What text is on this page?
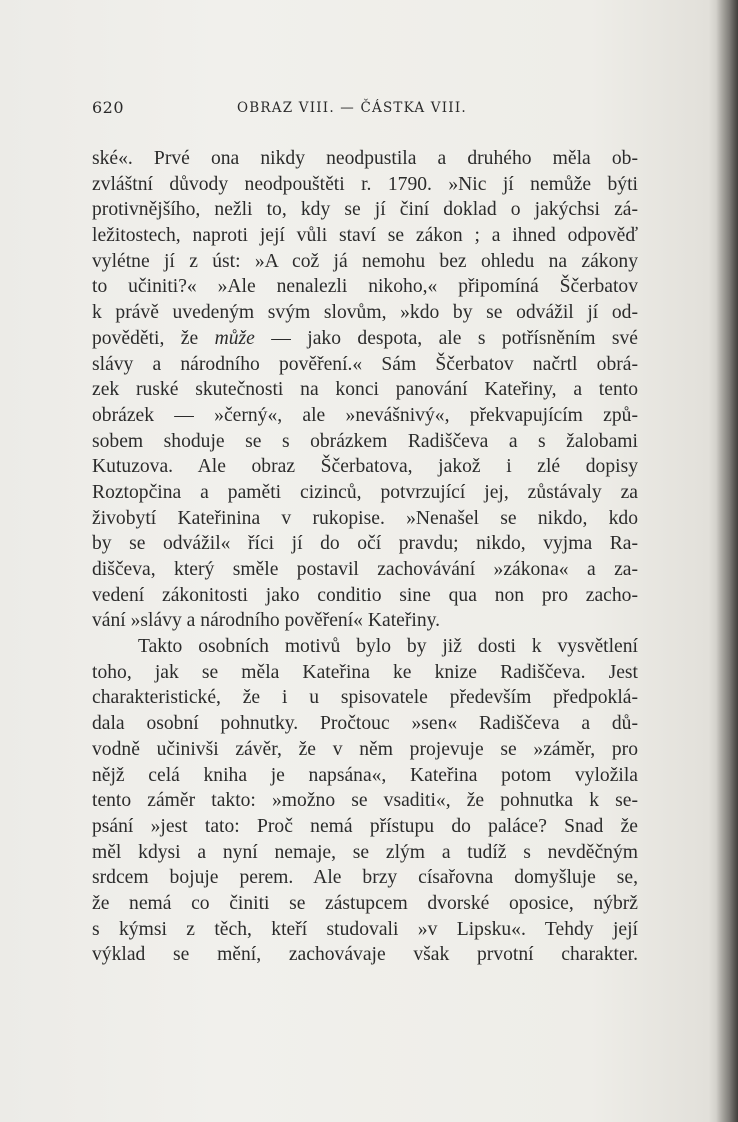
620	OBRAZ VIII. — ČÁSTKA VIII.
ské«. Prvé ona nikdy neodpustila a druhého měla ob-
zvláštní důvody neodpouštěti r. 1790. »Nic jí nemůže býti
protivnějšího, nežli to, kdy se jí činí doklad o jakýchsi zá-
ležitostech, naproti její vůli staví se zákon ; a ihned odpověď
vylétne jí z úst: »A což já nemohu bez ohledu na zákony
to učiniti?« »Ale nenalezli nikoho,« připomíná Ščerbatov
k právě uvedeným svým slovům, »kdo by se odvážil jí od-
pověděti, že může — jako despota, ale s potřísněním své
slávy a národního pověření.« Sám Ščerbatov načrtl obrá-
zek ruské skutečnosti na konci panování Kateřiny, a tento
obrázek — »černý«, ale »nevášnivý«, překvapujícím způ-
sobem shoduje se s obrázkem Radiščeva a s žalobami
Kutuzova. Ale obraz Ščerbatova, jakož i zlé dopisy
Roztopčina a paměti cizinců, potvrzující jej, zůstávaly za
živobytí Kateřinina v rukopise. »Nenašel se nikdo, kdo
by se odvážil« říci jí do očí pravdu; nikdo, vyjma Ra-
diščeva, který směle postavil zachovávání »zákona« a za-
vedení zákonitosti jako conditio sine qua non pro zacho-
vání »slávy a národního pověření« Kateřiny.
Takto osobních motivů bylo by již dosti k vysvětlení
toho, jak se měla Kateřina ke knize Radiščeva. Jest
charakteristické, že i u spisovatele především předpoklá-
dala osobní pohnutky. Pročtouc »sen« Radiščeva a dů-
vodně učinivši závěr, že v něm projevuje se »záměr, pro
nějž celá kniha je napsána«, Kateřina potom vyložila
tento záměr takto: »možno se vsaditi«, že pohnutka k se-
psání »jest tato: Proč nemá přístupu do paláce? Snad že
měl kdysi a nyní nemaje, se zlým a tudíž s nevděčným
srdcem bojuje perem. Ale brzy císařovna domyšluje se,
že nemá co činiti se zástupcem dvorské oposice, nýbrž
s kýmsi z těch, kteří studovali »v Lipsku«. Tehdy její
výklad se mění, zachovávaje však prvotní charakter.
